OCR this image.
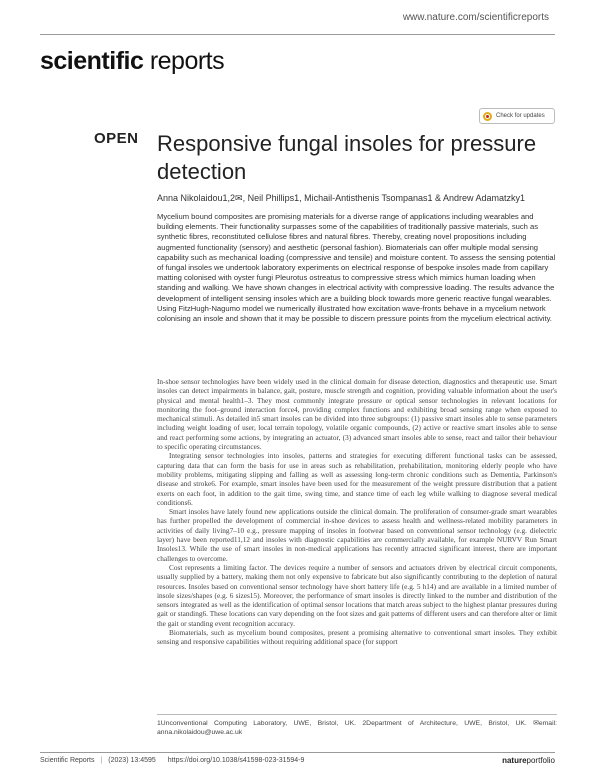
www.nature.com/scientificreports
scientific reports
Check for updates
OPEN Responsive fungal insoles for pressure detection
Anna Nikolaidou1,2✉, Neil Phillips1, Michail‑Antisthenis Tsompanas1 & Andrew Adamatzky1
Mycelium bound composites are promising materials for a diverse range of applications including wearables and building elements. Their functionality surpasses some of the capabilities of traditionally passive materials, such as synthetic fibres, reconstituted cellulose fibres and natural fibres. Thereby, creating novel propositions including augmented functionality (sensory) and aesthetic (personal fashion). Biomaterials can offer multiple modal sensing capability such as mechanical loading (compressive and tensile) and moisture content. To assess the sensing potential of fungal insoles we undertook laboratory experiments on electrical response of bespoke insoles made from capillary matting colonised with oyster fungi Pleurotus ostreatus to compressive stress which mimics human loading when standing and walking. We have shown changes in electrical activity with compressive loading. The results advance the development of intelligent sensing insoles which are a building block towards more generic reactive fungal wearables. Using FitzHugh-Nagumo model we numerically illustrated how excitation wave-fronts behave in a mycelium network colonising an insole and shown that it may be possible to discern pressure points from the mycelium electrical activity.

In-shoe sensor technologies have been widely used in the clinical domain for disease detection, diagnostics and therapeutic use. Smart insoles can detect impairments in balance, gait, posture, muscle strength and cognition, providing valuable information about the user's physical and mental health1–3. They most commonly integrate pressure or optical sensor technologies in relevant locations for monitoring the foot–ground interaction force4, providing complex functions and exhibiting broad sensing range when exposed to mechanical stimuli. As detailed in5 smart insoles can be divided into three subgroups: (1) passive smart insoles able to sense parameters including weight loading of user, local terrain topology, volatile organic compounds, (2) active or reactive smart insoles able to sense and react performing some actions, by integrating an actuator, (3) advanced smart insoles able to sense, react and tailor their behaviour to specific operating circumstances.

Integrating sensor technologies into insoles, patterns and strategies for executing different functional tasks can be assessed, capturing data that can form the basis for use in areas such as rehabilitation, prehabilitation, monitoring elderly people who have mobility problems, mitigating slipping and falling as well as assessing long-term chronic conditions such as Dementia, Parkinson's disease and stroke6. For example, smart insoles have been used for the measurement of the weight pressure distribution that a patient exerts on each foot, in addition to the gait time, swing time, and stance time of each leg while walking to diagnose several medical conditions6.

Smart insoles have lately found new applications outside the clinical domain. The proliferation of consumer-grade smart wearables has further propelled the development of commercial in-shoe devices to assess health and wellness-related mobility parameters in activities of daily living7–10 e.g., pressure mapping of insoles in footwear based on conventional sensor technology (e.g. dielectric layer) have been reported11,12 and insoles with diagnostic capabilities are commercially available, for example NURVV Run Smart Insoles13. While the use of smart insoles in non-medical applications has recently attracted significant interest, there are important challenges to overcome.

Cost represents a limiting factor. The devices require a number of sensors and actuators driven by electrical circuit components, usually supplied by a battery, making them not only expensive to fabricate but also significantly contributing to the depletion of natural resources. Insoles based on conventional sensor technology have short battery life (e.g. 5 h14) and are available in a limited number of insole sizes/shapes (e.g. 6 sizes15). Moreover, the performance of smart insoles is directly linked to the number and distribution of the sensors integrated as well as the identification of optimal sensor locations that match areas subject to the highest plantar pressures during gait or standing6. These locations can vary depending on the foot sizes and gait patterns of different users and can therefore alter or limit the gait or standing event recognition accuracy.

Biomaterials, such as mycelium bound composites, present a promising alternative to conventional smart insoles. They exhibit sensing and responsive capabilities without requiring additional space (for support

1Unconventional Computing Laboratory, UWE, Bristol, UK. 2Department of Architecture, UWE, Bristol, UK. ✉email: anna.nikolaidou@uwe.ac.uk
Scientific Reports | (2023) 13:4595 https://doi.org/10.1038/s41598-023-31594-9	natureportfolio
